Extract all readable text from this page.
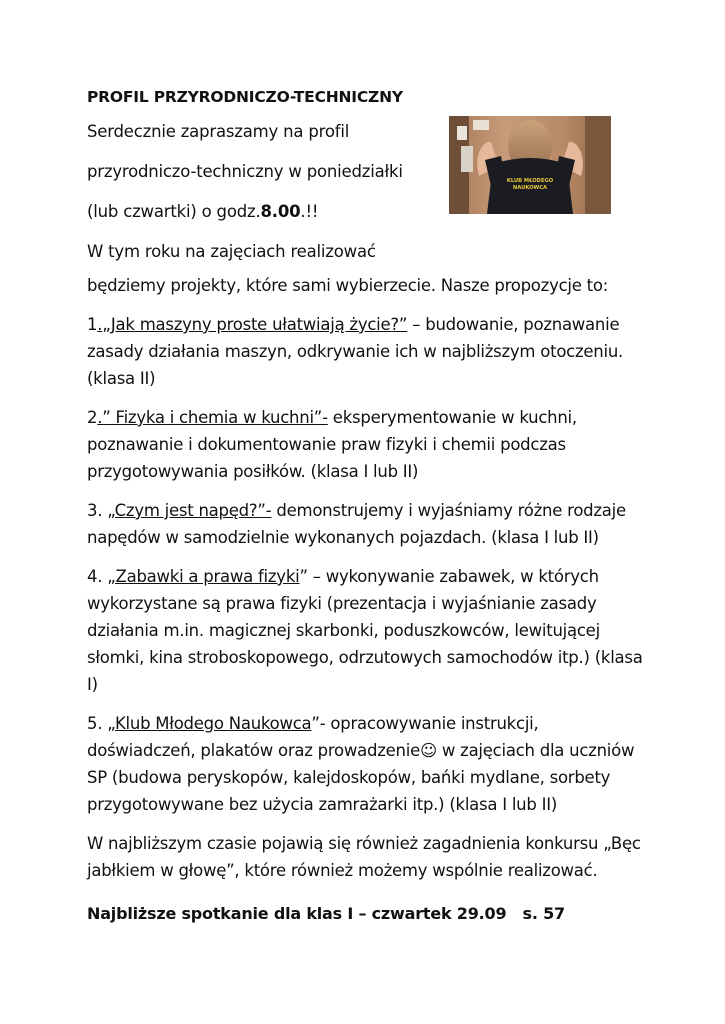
PROFIL PRZYRODNICZO-TECHNICZNY

Serdecznie zapraszamy na profil

przyrodniczo-techniczny w poniedziałki

(lub czwartki) o godz.8.00.!!

W tym roku na zajęciach realizować

KLUB MŁODEGO
NAUKOWCA

będziemy projekty, które sami wybierzecie. Nasze propozycje to:

1.„Jak maszyny proste ułatwiają życie?” – budowanie, poznawanie zasady działania maszyn, odkrywanie ich w najbliższym otoczeniu. (klasa II)

2.” Fizyka i chemia w kuchni”- eksperymentowanie w kuchni, poznawanie i dokumentowanie praw fizyki i chemii podczas przygotowywania posiłków. (klasa I lub II)

3. „Czym jest napęd?”- demonstrujemy i wyjaśniamy różne rodzaje napędów w samodzielnie wykonanych pojazdach. (klasa I lub II)

4. „Zabawki a prawa fizyki” – wykonywanie zabawek, w których wykorzystane są prawa fizyki (prezentacja i wyjaśnianie zasady działania m.in. magicznej skarbonki, poduszkowców, lewitującej słomki, kina stroboskopowego, odrzutowych samochodów itp.) (klasa I)

5. „Klub Młodego Naukowca”- opracowywanie instrukcji, doświadczeń, plakatów oraz prowadzenie☺ w zajęciach dla uczniów SP (budowa peryskopów, kalejdoskopów, bańki mydlane, sorbety przygotowywane bez użycia zamrażarki itp.) (klasa I lub II)

W najbliższym czasie pojawią się również zagadnienia konkursu „Bęc jabłkiem w głowę”, które również możemy wspólnie realizować.

Najbliższe spotkanie dla klas I – czwartek 29.09   s. 57
